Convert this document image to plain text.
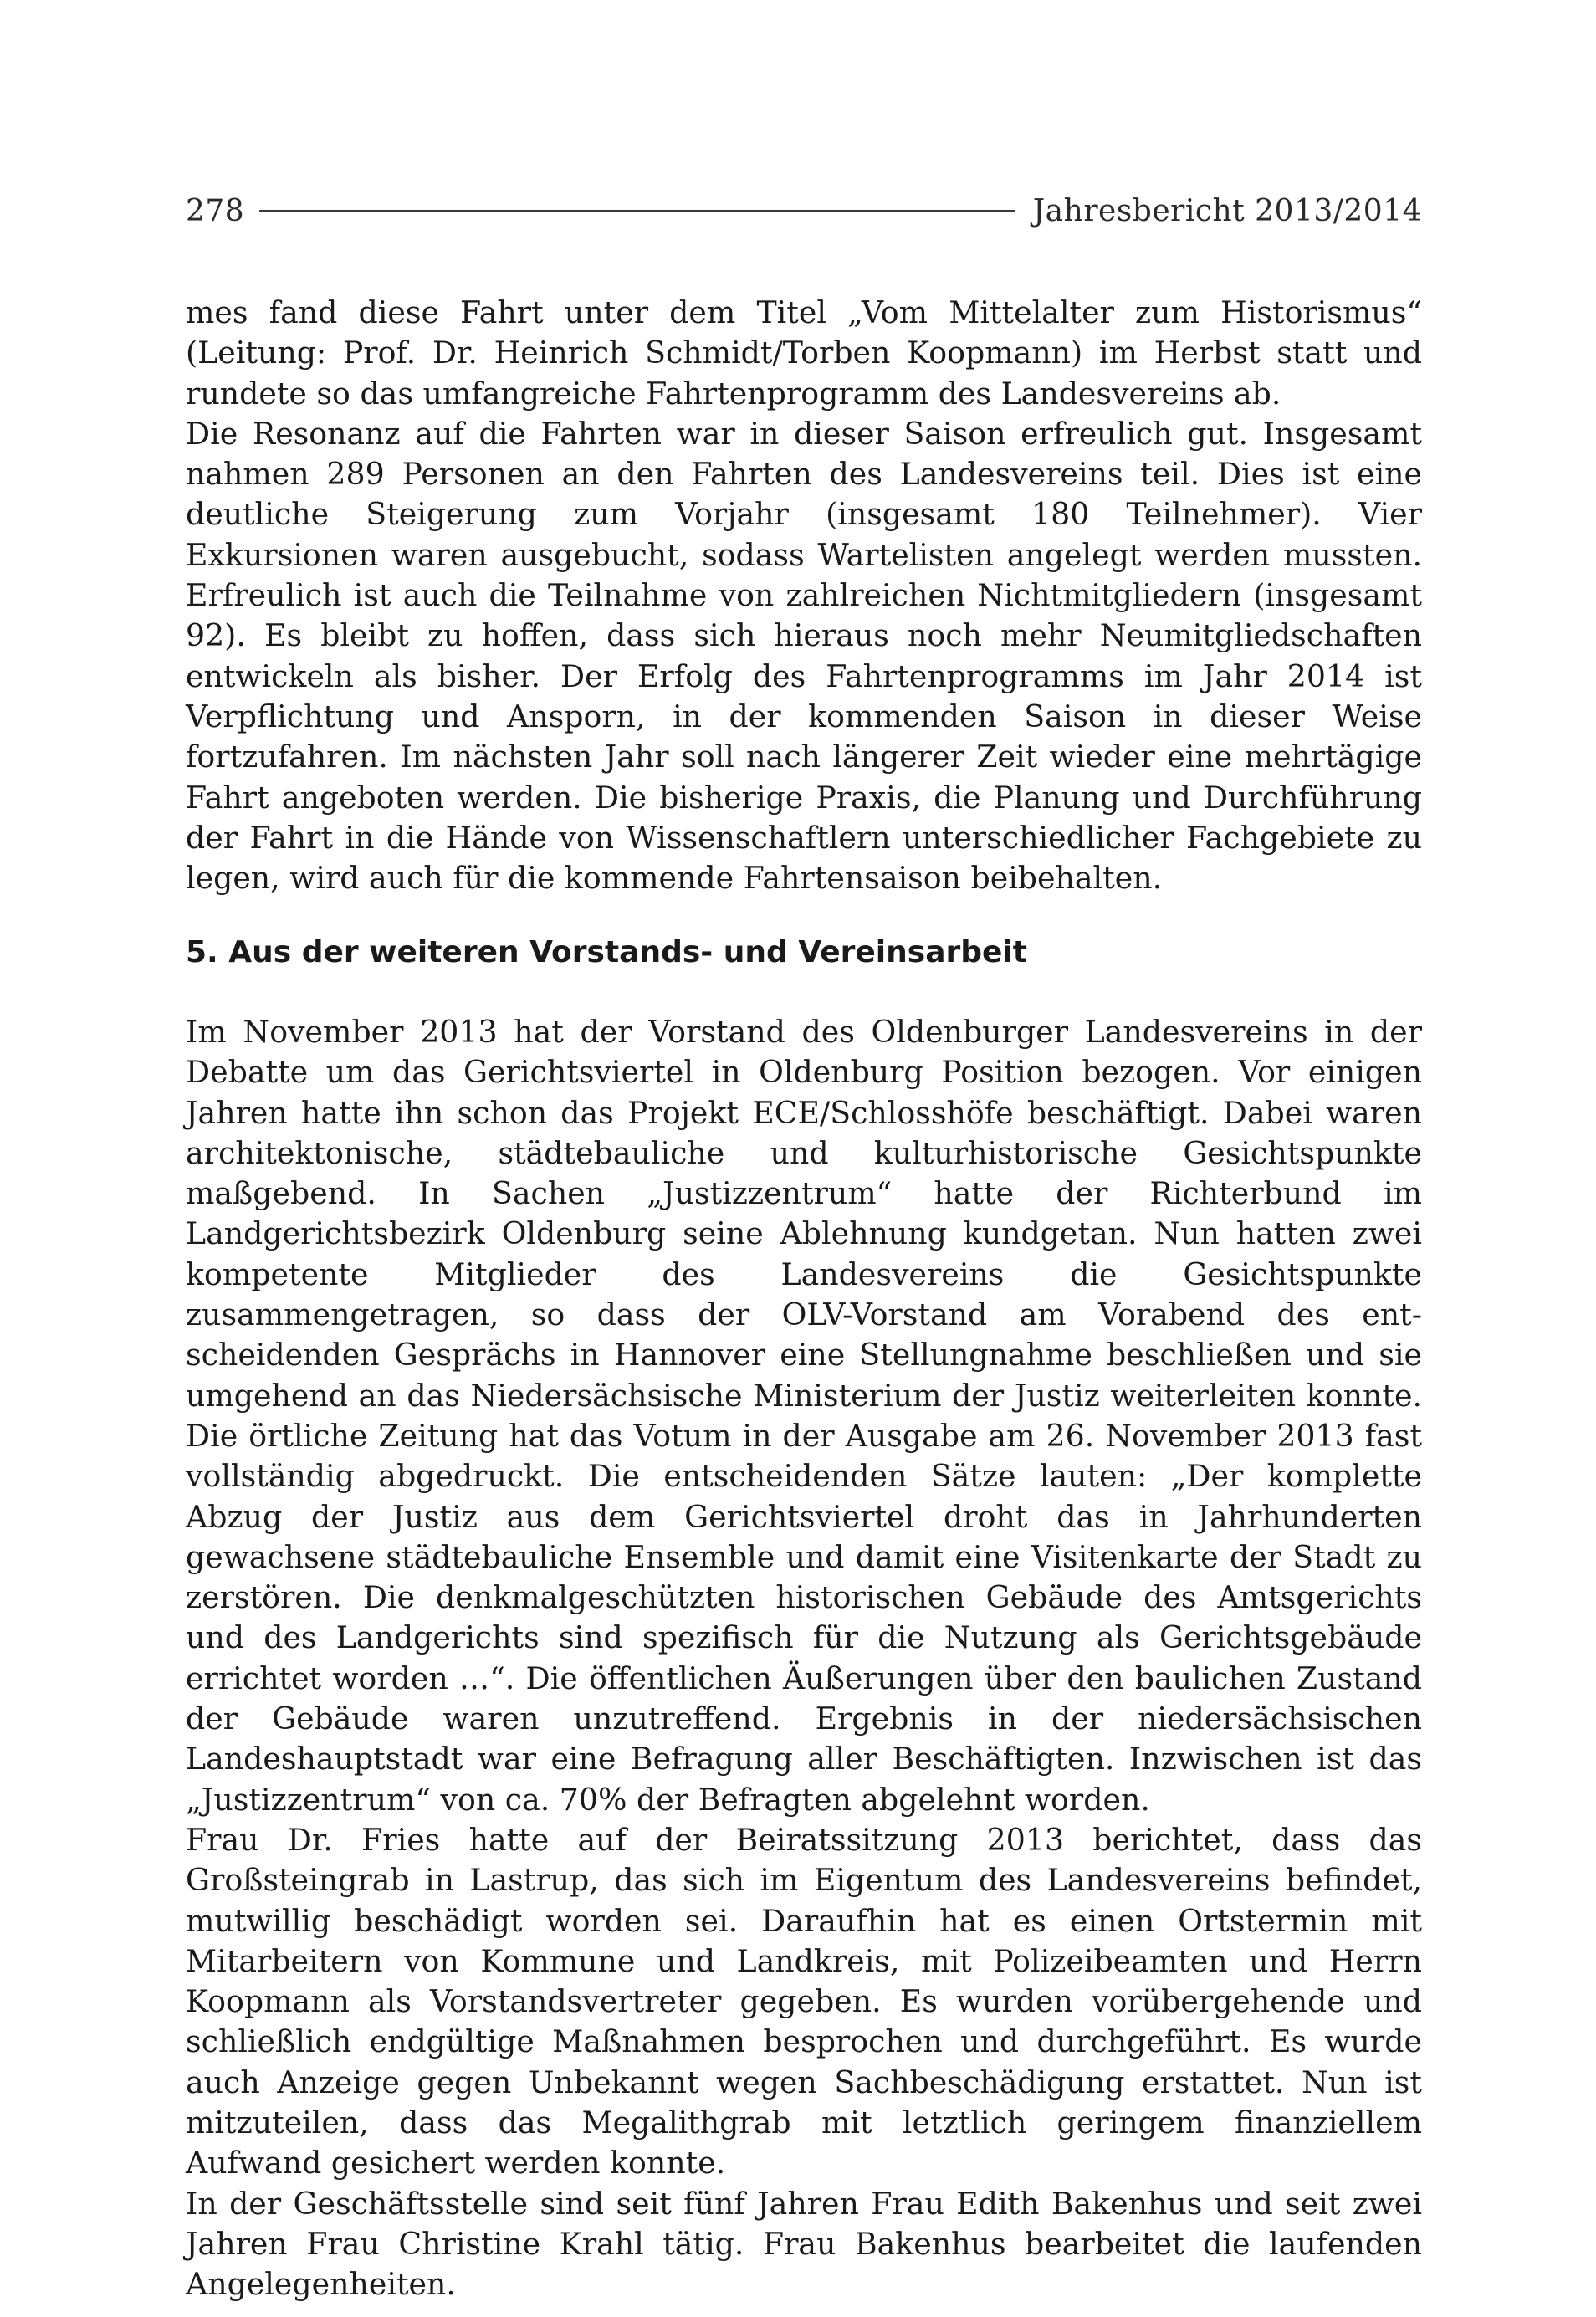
278	Jahresbericht 2013/2014

mes fand diese Fahrt unter dem Titel „Vom Mittelalter zum Historismus“ (Leitung: Prof. Dr. Heinrich Schmidt/Torben Koopmann) im Herbst statt und rundete so das umfangreiche Fahrtenprogramm des Landesvereins ab.

Die Resonanz auf die Fahrten war in dieser Saison erfreulich gut. Insgesamt nahmen 289 Personen an den Fahrten des Landesvereins teil. Dies ist eine deutliche Steigerung zum Vorjahr (insgesamt 180 Teilnehmer). Vier Exkursionen waren ausgebucht, sodass Wartelisten angelegt werden mussten. Erfreulich ist auch die Teilnahme von zahlreichen Nichtmitgliedern (insgesamt 92). Es bleibt zu hoffen, dass sich hieraus noch mehr Neumitgliedschaften entwickeln als bisher. Der Erfolg des Fahrtenprogramms im Jahr 2014 ist Verpflichtung und Ansporn, in der kommenden Saison in dieser Weise fortzufahren. Im nächsten Jahr soll nach längerer Zeit wieder eine mehrtägige Fahrt angeboten werden. Die bisherige Praxis, die Planung und Durchführung der Fahrt in die Hände von Wissenschaftlern unterschiedlicher Fachgebiete zu legen, wird auch für die kommende Fahrtensaison beibehalten.

5. Aus der weiteren Vorstands- und Vereinsarbeit

Im November 2013 hat der Vorstand des Oldenburger Landesvereins in der Debatte um das Gerichtsviertel in Oldenburg Position bezogen. Vor einigen Jahren hatte ihn schon das Projekt ECE/Schlosshöfe beschäftigt. Dabei waren architektonische, städtebauliche und kulturhistorische Gesichtspunkte maßgebend. In Sachen „Justizzentrum“ hatte der Richterbund im Landgerichtsbezirk Oldenburg seine Ablehnung kundgetan. Nun hatten zwei kompetente Mitglieder des Landesvereins die Gesichtspunkte zusammengetragen, so dass der OLV-Vorstand am Vorabend des entscheidenden Gesprächs in Hannover eine Stellungnahme beschließen und sie umgehend an das Niedersächsische Ministerium der Justiz weiterleiten konnte. Die örtliche Zeitung hat das Votum in der Ausgabe am 26. November 2013 fast vollständig abgedruckt. Die entscheidenden Sätze lauten: „Der komplette Abzug der Justiz aus dem Gerichtsviertel droht das in Jahrhunderten gewachsene städtebauliche Ensemble und damit eine Visitenkarte der Stadt zu zerstören. Die denkmalgeschützten historischen Gebäude des Amtsgerichts und des Landgerichts sind spezifisch für die Nutzung als Gerichtsgebäude errichtet worden …“. Die öffentlichen Äußerungen über den baulichen Zustand der Gebäude waren unzutreffend. Ergebnis in der niedersächsischen Landeshauptstadt war eine Befragung aller Beschäftigten. Inzwischen ist das „Justizzentrum“ von ca. 70% der Befragten abgelehnt worden.

Frau Dr. Fries hatte auf der Beiratssitzung 2013 berichtet, dass das Großsteingrab in Lastrup, das sich im Eigentum des Landesvereins befindet, mutwillig beschädigt worden sei. Daraufhin hat es einen Ortstermin mit Mitarbeitern von Kommune und Landkreis, mit Polizeibeamten und Herrn Koopmann als Vorstandsvertreter gegeben. Es wurden vorübergehende und schließlich endgültige Maßnahmen besprochen und durchgeführt. Es wurde auch Anzeige gegen Unbekannt wegen Sachbeschädigung erstattet. Nun ist mitzuteilen, dass das Megalithgrab mit letztlich geringem finanziellem Aufwand gesichert werden konnte.

In der Geschäftsstelle sind seit fünf Jahren Frau Edith Bakenhus und seit zwei Jahren Frau Christine Krahl tätig. Frau Bakenhus bearbeitet die laufenden Angelegenheiten.
